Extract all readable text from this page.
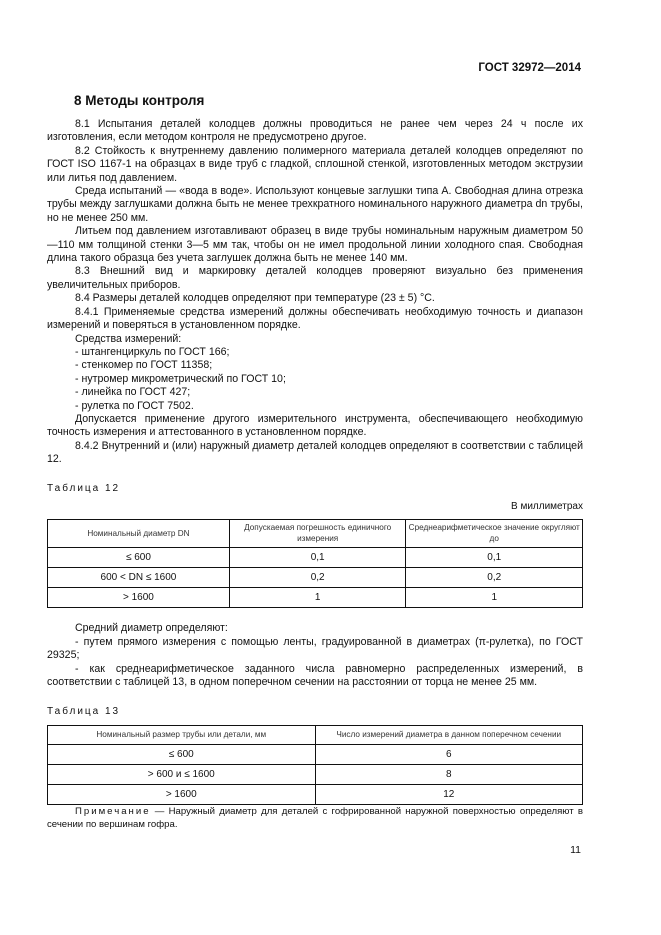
ГОСТ 32972—2014
8 Методы контроля

8.1 Испытания деталей колодцев должны проводиться не ранее чем через 24 ч после их изготовления, если методом контроля не предусмотрено другое.

8.2 Стойкость к внутреннему давлению полимерного материала деталей колодцев определяют по ГОСТ ISO 1167-1 на образцах в виде труб с гладкой, сплошной стенкой, изготовленных методом экструзии или литья под давлением.

Среда испытаний — «вода в воде». Используют концевые заглушки типа А. Свободная длина отрезка трубы между заглушками должна быть не менее трехкратного номинального наружного диаметра dn трубы, но не менее 250 мм.

Литьем под давлением изготавливают образец в виде трубы номинальным наружным диаметром 50—110 мм толщиной стенки 3—5 мм так, чтобы он не имел продольной линии холодного спая. Свободная длина такого образца без учета заглушек должна быть не менее 140 мм.

8.3 Внешний вид и маркировку деталей колодцев проверяют визуально без применения увеличительных приборов.

8.4 Размеры деталей колодцев определяют при температуре (23 ± 5) °С.

8.4.1 Применяемые средства измерений должны обеспечивать необходимую точность и диапазон измерений и поверяться в установленном порядке.

Средства измерений:

- штангенциркуль по ГОСТ 166;

- стенкомер по ГОСТ 11358;

- нутромер микрометрический по ГОСТ 10;

- линейка по ГОСТ 427;

- рулетка по ГОСТ 7502.

Допускается применение другого измерительного инструмента, обеспечивающего необходимую точность измерения и аттестованного в установленном порядке.

8.4.2 Внутренний и (или) наружный диаметр деталей колодцев определяют в соответствии с таблицей 12.

Таблица 12
В миллиметрах
Номинальный диаметр DN	Допускаемая погрешность единичного измерения	Среднеарифметическое значение округляют до
≤ 600	0,1	0,1
600 < DN ≤ 1600	0,2	0,2
> 1600	1	1

Средний диаметр определяют:

- путем прямого измерения с помощью ленты, градуированной в диаметрах (π-рулетка), по ГОСТ 29325;

- как среднеарифметическое заданного числа равномерно распределенных измерений, в соответствии с таблицей 13, в одном поперечном сечении на расстоянии от торца не менее 25 мм.

Таблица 13
Номинальный размер трубы или детали, мм	Число измерений диаметра в данном поперечном сечении
≤ 600	6
> 600 и ≤ 1600	8
> 1600	12

Примечание — Наружный диаметр для деталей с гофрированной наружной поверхностью определяют в сечении по вершинам гофра.

11
